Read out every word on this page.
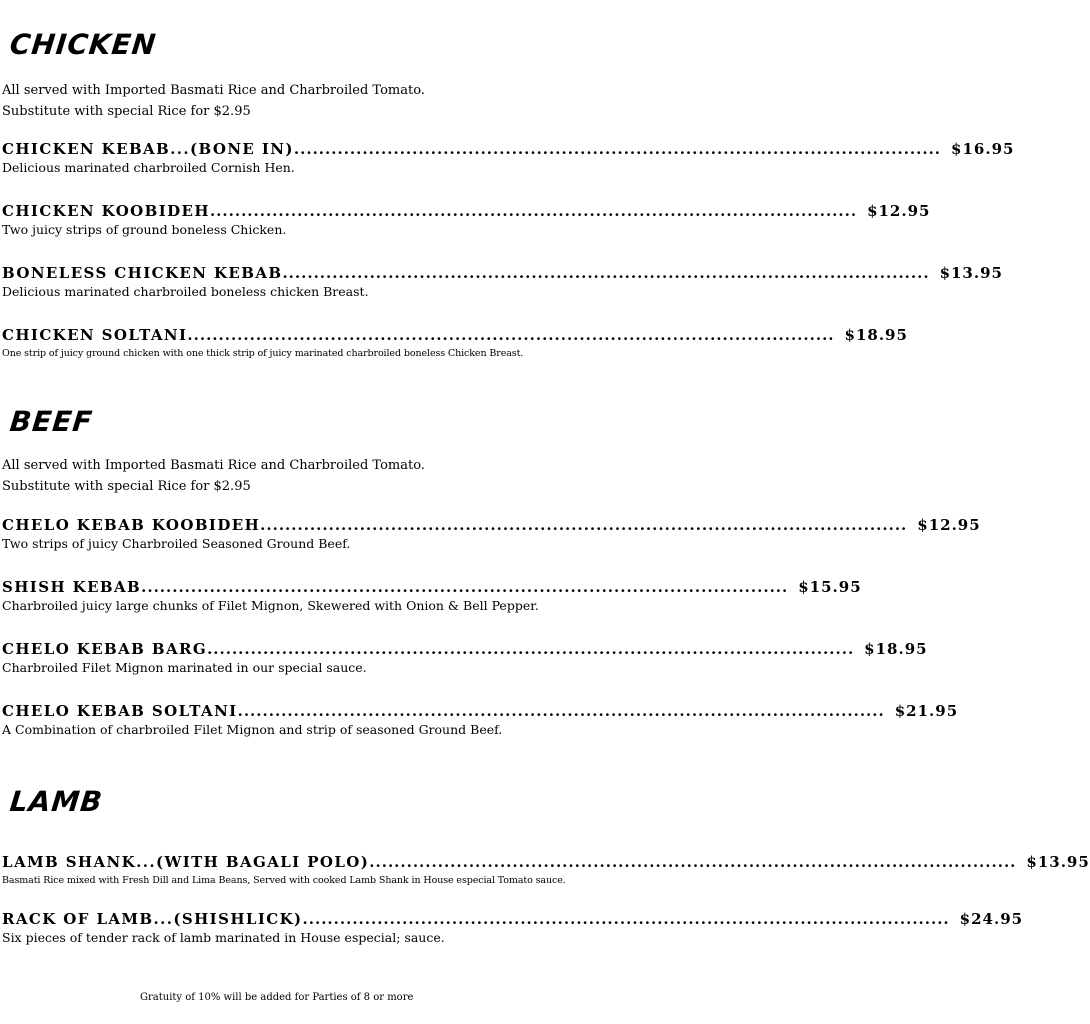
CHICKEN
All served with Imported Basmati Rice and Charbroiled Tomato.
Substitute with special Rice for $2.95
CHICKEN KEBAB...(BONE IN) ........................................................................................................ $16.95
Delicious marinated charbroiled Cornish Hen.
CHICKEN KOOBIDEH ........................................................................................................ $12.95
Two juicy strips of ground boneless Chicken.
BONELESS CHICKEN KEBAB ........................................................................................................ $13.95
Delicious marinated charbroiled boneless chicken Breast.
CHICKEN SOLTANI ........................................................................................................ $18.95
One strip of juicy ground chicken with one thick strip of juicy marinated charbroiled boneless Chicken Breast.
BEEF
All served with Imported Basmati Rice and Charbroiled Tomato.
Substitute with special Rice for $2.95
CHELO KEBAB KOOBIDEH ........................................................................................................ $12.95
Two strips of juicy Charbroiled Seasoned Ground Beef.
SHISH KEBAB ........................................................................................................ $15.95
Charbroiled juicy large chunks of Filet Mignon, Skewered with Onion & Bell Pepper.
CHELO KEBAB BARG ........................................................................................................ $18.95
Charbroiled Filet Mignon marinated in our special sauce.
CHELO KEBAB SOLTANI ........................................................................................................ $21.95
A Combination of charbroiled Filet Mignon and strip of seasoned Ground Beef.
LAMB
LAMB SHANK...(WITH BAGALI POLO) ........................................................................................................ $13.95
Basmati Rice mixed with Fresh Dill and Lima Beans, Served with cooked Lamb Shank in House especial Tomato sauce.
RACK OF LAMB...(SHISHLICK) ........................................................................................................ $24.95
Six pieces of tender rack of lamb marinated in House especial; sauce.
Gratuity of 10% will be added for Parties of 8 or more
